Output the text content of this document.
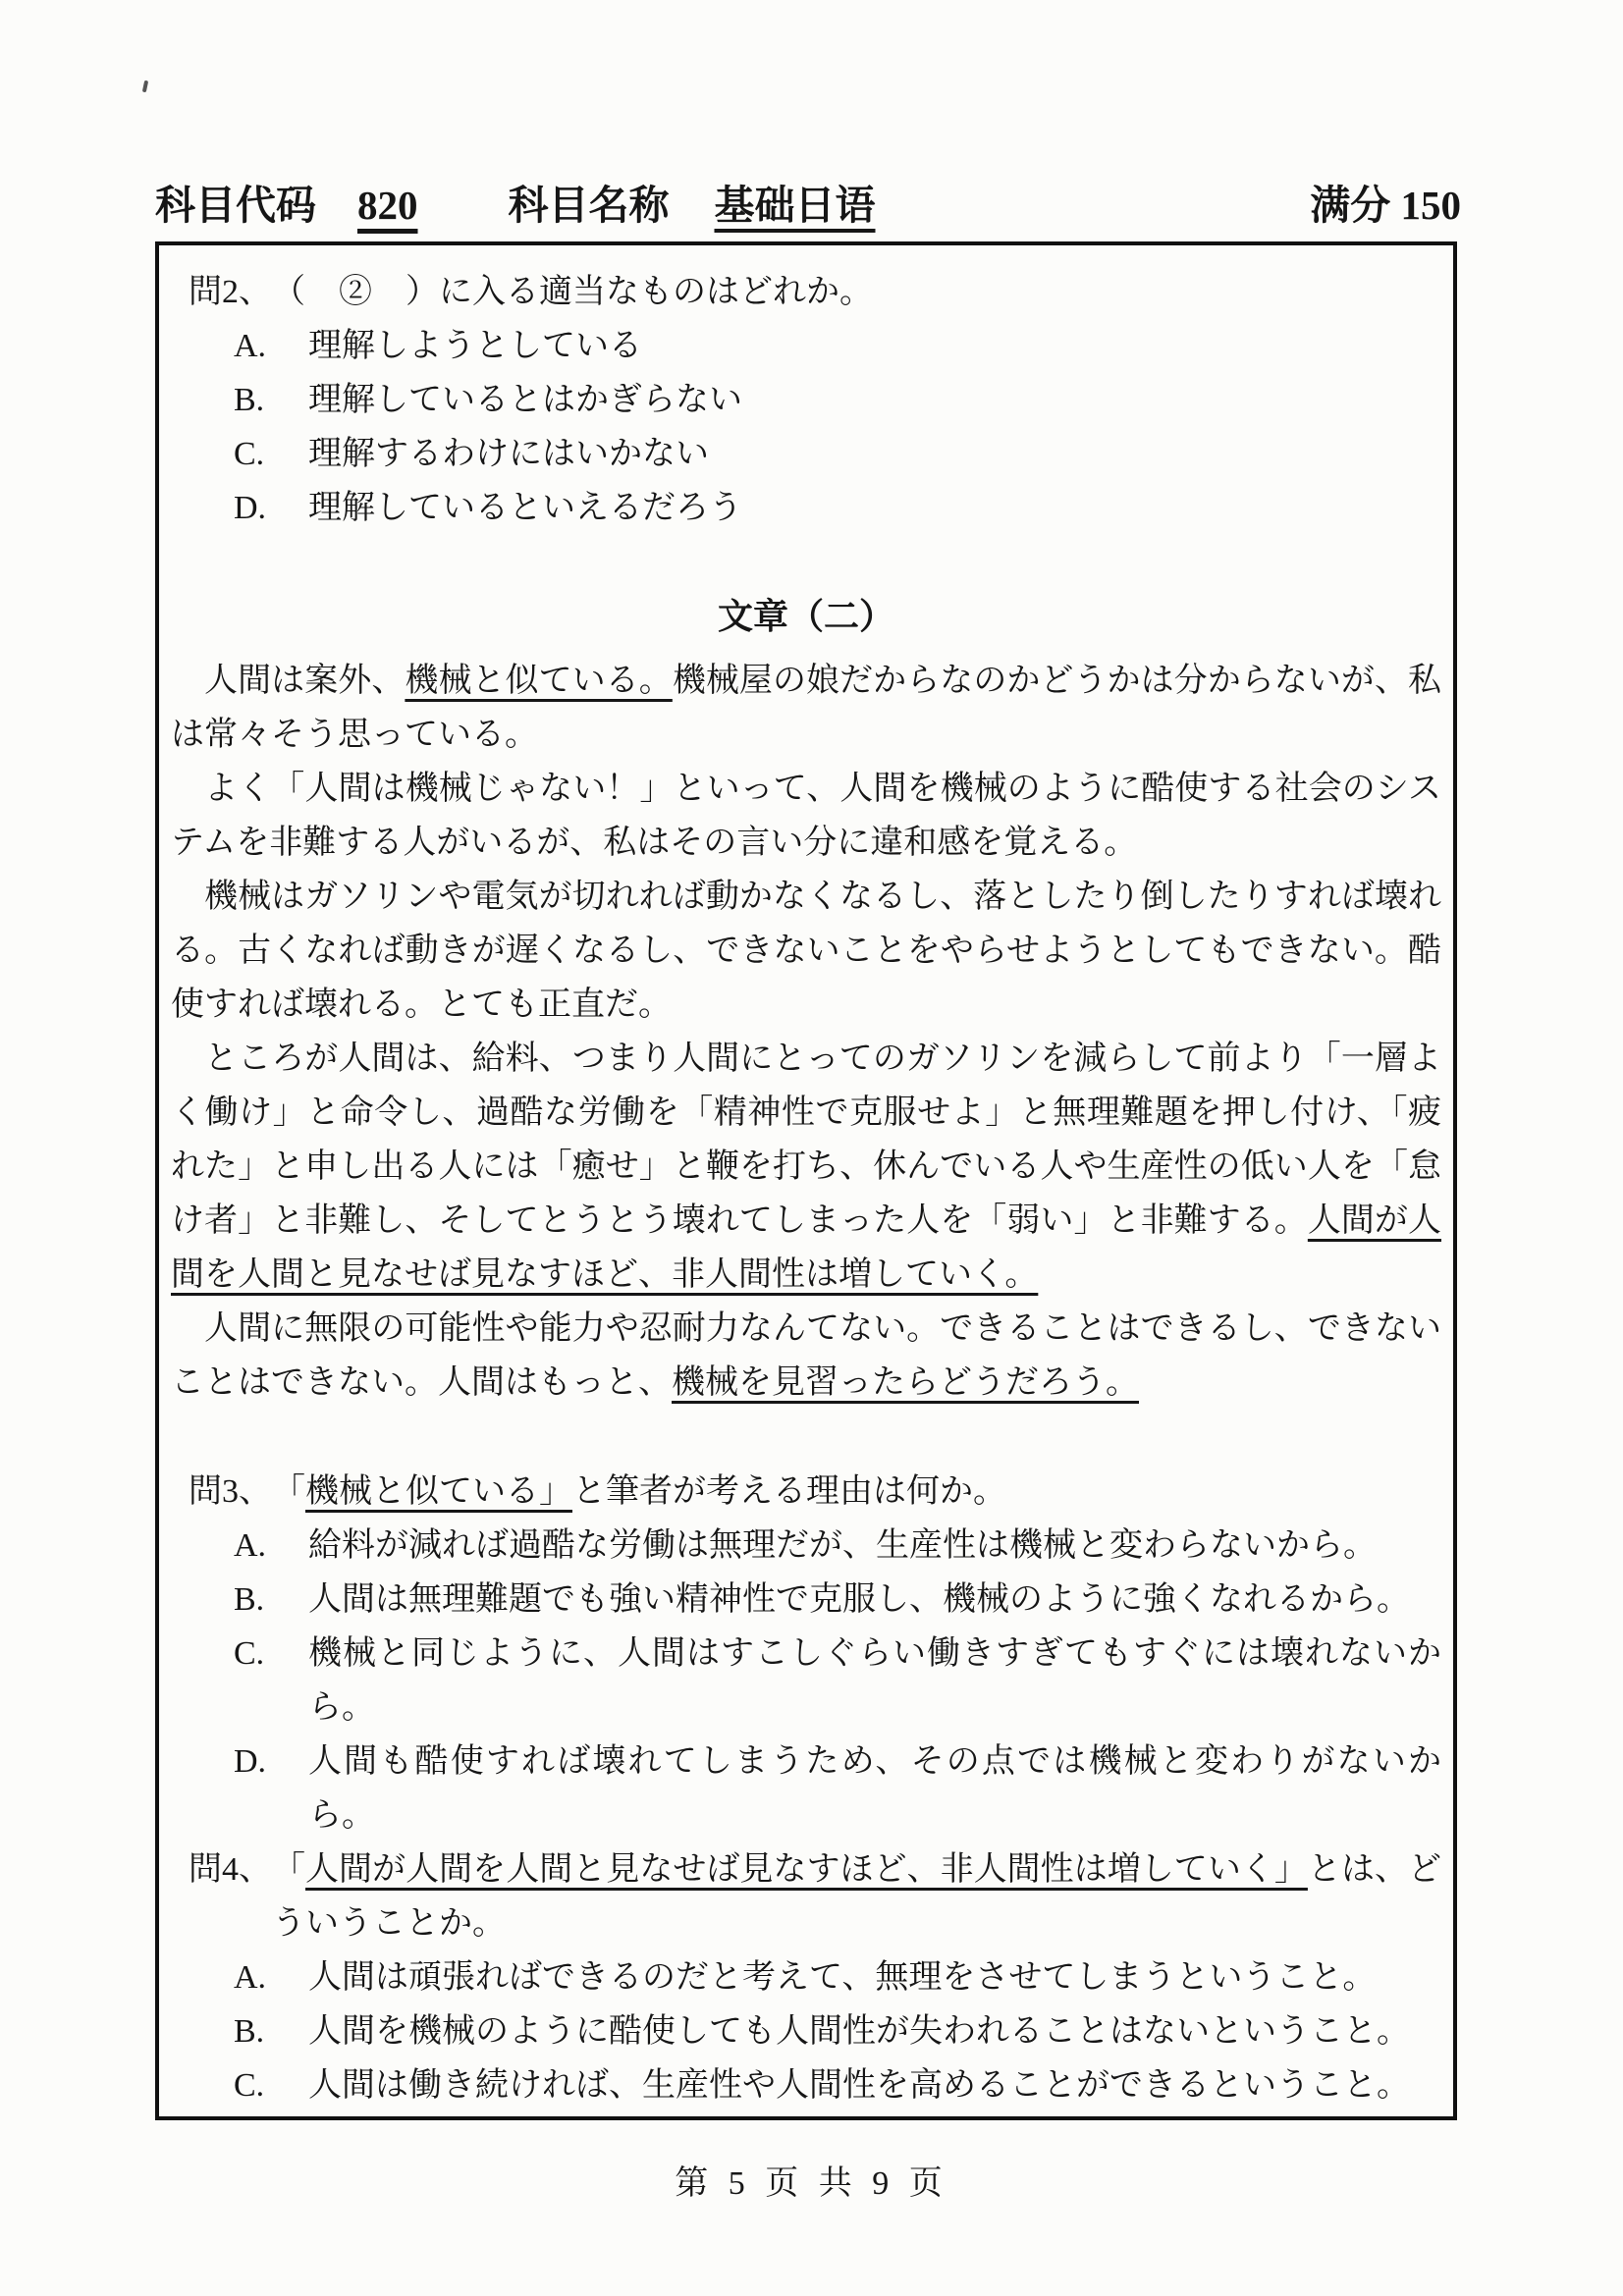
科目代码 820 科目名称 基础日语	满分 150
問2、 （　②　）に入る適当なものはどれか。
A.	理解しようとしている
B.	理解しているとはかぎらない
C.	理解するわけにはいかない
D.	理解しているといえるだろう
文章（二）

　人間は案外、機械と似ている。機械屋の娘だからなのかどうかは分からないが、私は常々そう思っている。

　よく「人間は機械じゃない！」といって、人間を機械のように酷使する社会のシステムを非難する人がいるが、私はその言い分に違和感を覚える。

　機械はガソリンや電気が切れれば動かなくなるし、落としたり倒したりすれば壊れる。古くなれば動きが遅くなるし、できないことをやらせようとしてもできない。酷使すれば壊れる。とても正直だ。

　ところが人間は、給料、つまり人間にとってのガソリンを減らして前より「一層よく働け」と命令し、過酷な労働を「精神性で克服せよ」と無理難題を押し付け、「疲れた」と申し出る人には「癒せ」と鞭を打ち、休んでいる人や生産性の低い人を「怠け者」と非難し、そしてとうとう壊れてしまった人を「弱い」と非難する。人間が人間を人間と見なせば見なすほど、非人間性は増していく。

　人間に無限の可能性や能力や忍耐力なんてない。できることはできるし、できないことはできない。人間はもっと、機械を見習ったらどうだろう。

問3、 「機械と似ている」と筆者が考える理由は何か。
A.	給料が減れば過酷な労働は無理だが、生産性は機械と変わらないから。
B.	人間は無理難題でも強い精神性で克服し、機械のように強くなれるから。
C.	機械と同じように、人間はすこしぐらい働きすぎてもすぐには壊れないから。
D.	人間も酷使すれば壊れてしまうため、その点では機械と変わりがないから。
問4、 「人間が人間を人間と見なせば見なすほど、非人間性は増していく」とは、どういうことか。
A.	人間は頑張ればできるのだと考えて、無理をさせてしまうということ。
B.	人間を機械のように酷使しても人間性が失われることはないということ。
C.	人間は働き続ければ、生産性や人間性を高めることができるということ。
第 5 页 共 9 页
